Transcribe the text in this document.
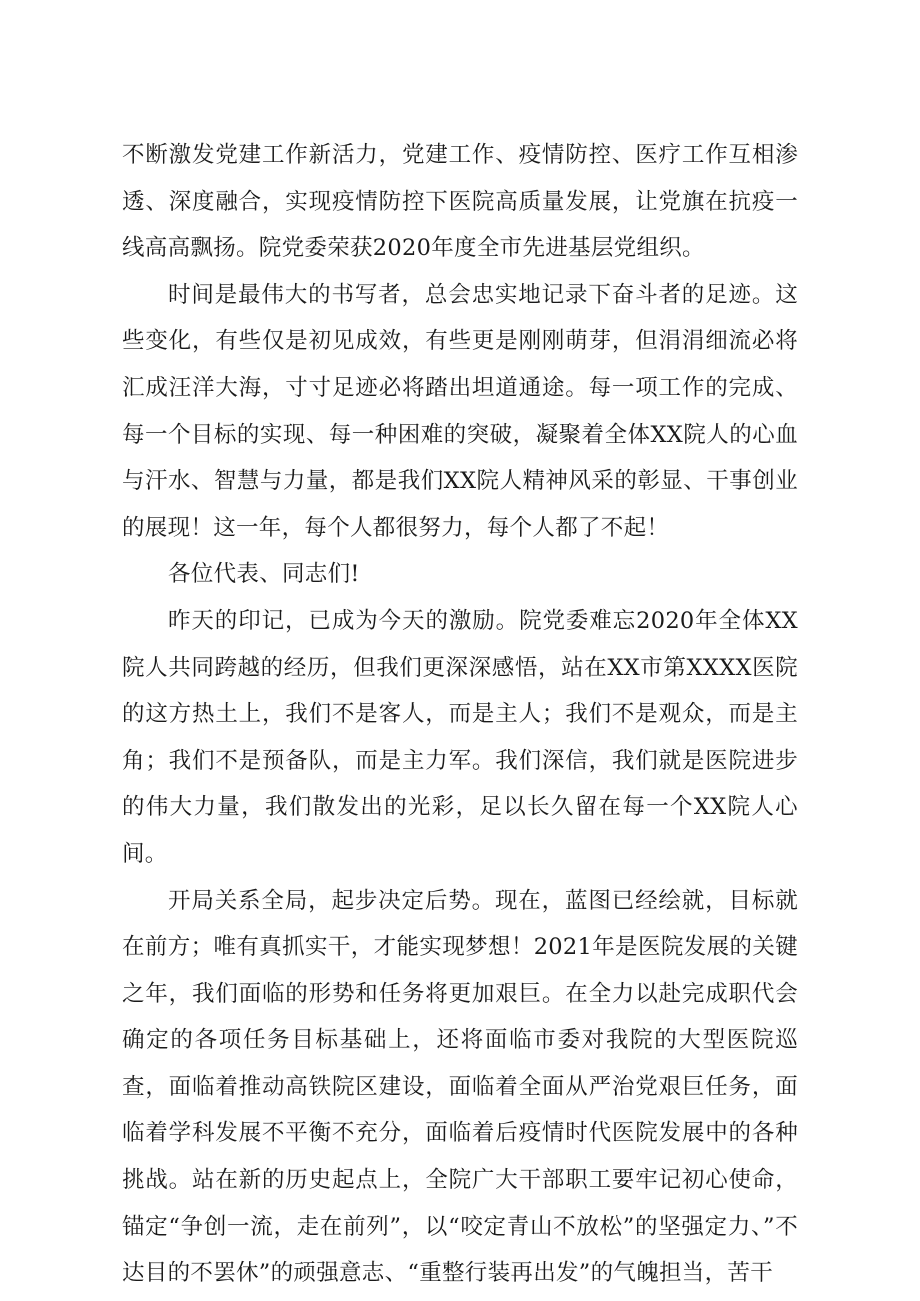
不断激发党建工作新活力，党建工作、疫情防控、医疗工作互相渗透、深度融合，实现疫情防控下医院高质量发展，让党旗在抗疫一线高高飘扬。院党委荣获2020年度全市先进基层党组织。

时间是最伟大的书写者，总会忠实地记录下奋斗者的足迹。这些变化，有些仅是初见成效，有些更是刚刚萌芽，但涓涓细流必将汇成汪洋大海，寸寸足迹必将踏出坦道通途。每一项工作的完成、每一个目标的实现、每一种困难的突破，凝聚着全体XX院人的心血与汗水、智慧与力量，都是我们XX院人精神风采的彰显、干事创业的展现！这一年，每个人都很努力，每个人都了不起！

各位代表、同志们!

昨天的印记，已成为今天的激励。院党委难忘2020年全体XX院人共同跨越的经历，但我们更深深感悟，站在XX市第XXXX医院的这方热土上，我们不是客人，而是主人；我们不是观众，而是主角；我们不是预备队，而是主力军。我们深信，我们就是医院进步的伟大力量，我们散发出的光彩，足以长久留在每一个XX院人心间。

开局关系全局，起步决定后势。现在，蓝图已经绘就，目标就在前方；唯有真抓实干，才能实现梦想！2021年是医院发展的关键之年，我们面临的形势和任务将更加艰巨。在全力以赴完成职代会确定的各项任务目标基础上，还将面临市委对我院的大型医院巡查，面临着推动高铁院区建设，面临着全面从严治党艰巨任务，面临着学科发展不平衡不充分，面临着后疫情时代医院发展中的各种挑战。站在新的历史起点上，全院广大干部职工要牢记初心使命，锚定“争创一流，走在前列”，以“咬定青山不放松”的坚强定力、”不达目的不罢休”的顽强意志、“重整行装再出发”的气魄担当，苦干
